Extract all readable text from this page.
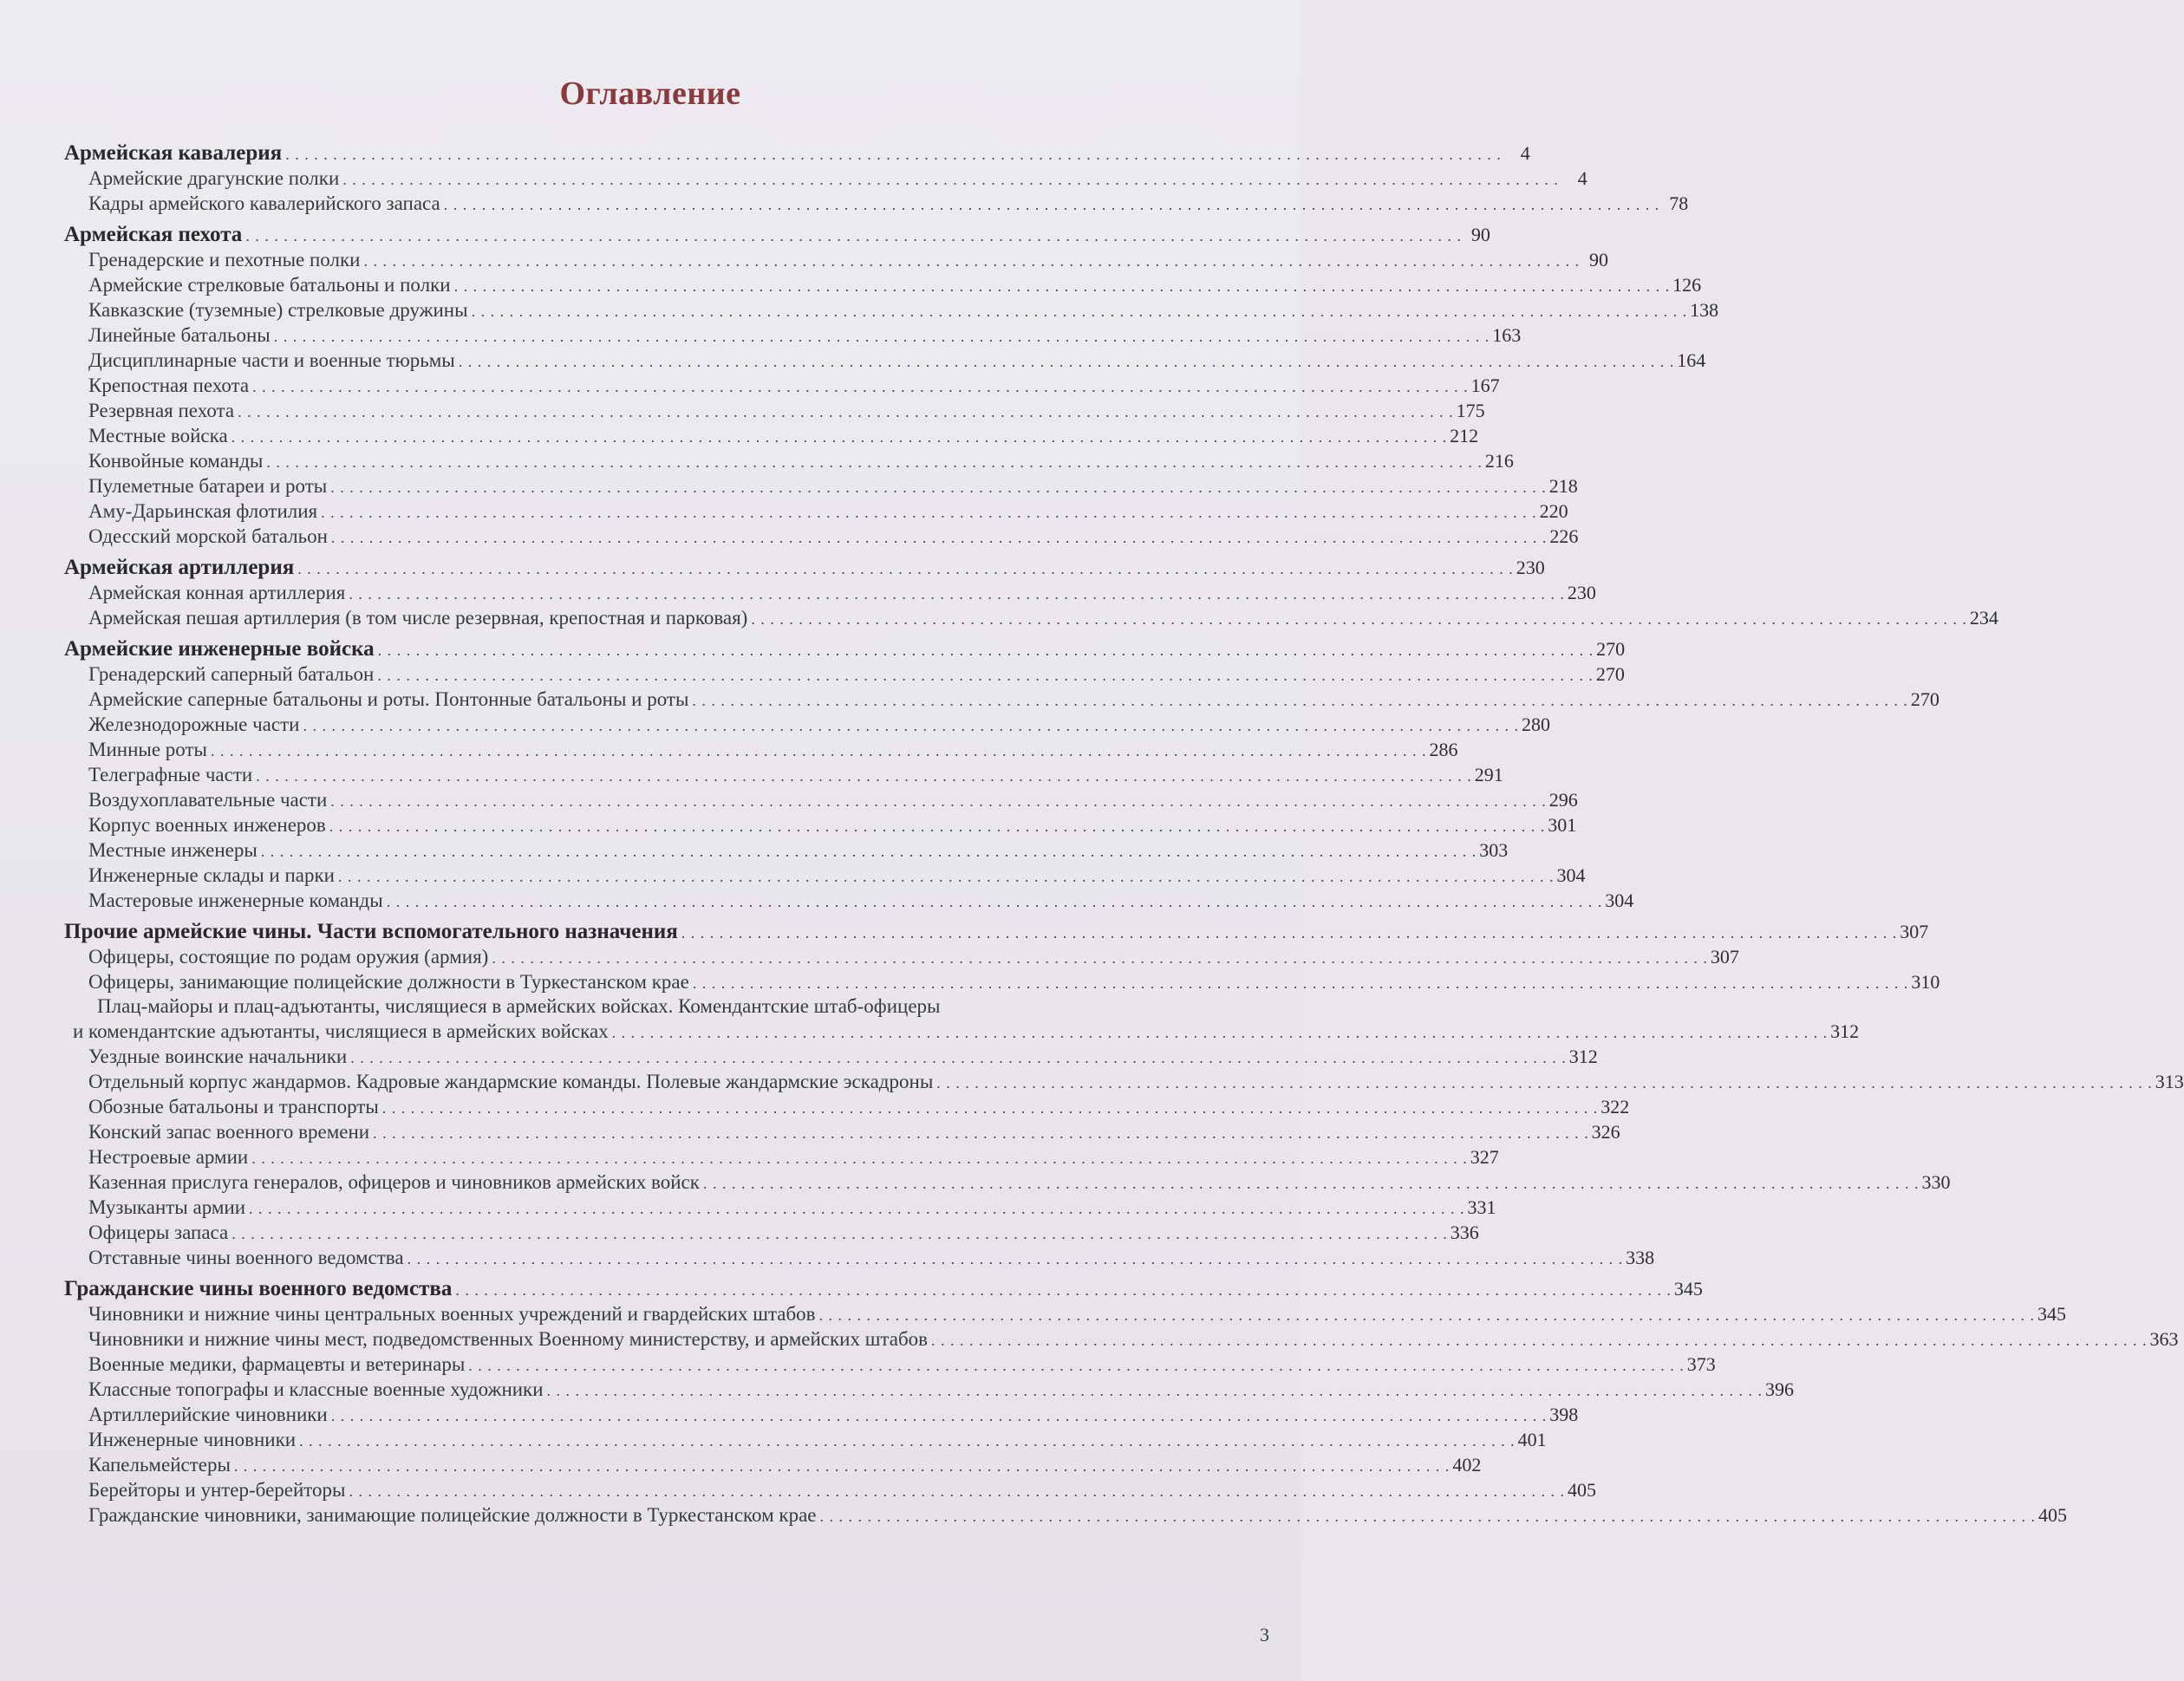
Оглавление
Армейская кавалерия . . .	4
Армейские драгунские полки . . .	4
Кадры армейского кавалерийского запаса . . .	78
Армейская пехота . . .	90
Гренадерские и пехотные полки . . .	90
Армейские стрелковые батальоны и полки . . .	126
Кавказские (туземные) стрелковые дружины . . .	138
Линейные батальоны . . .	163
Дисциплинарные части и военные тюрьмы . . .	164
Крепостная пехота . . .	167
Резервная пехота . . .	175
Местные войска . . .	212
Конвойные команды . . .	216
Пулеметные батареи и роты . . .	218
Аму-Дарьинская флотилия . . .	220
Одесский морской батальон . . .	226
Армейская артиллерия . . .	230
Армейская конная артиллерия . . .	230
Армейская пешая артиллерия (в том числе резервная, крепостная и парковая) . . .	234
Армейские инженерные войска . . .	270
Гренадерский саперный батальон . . .	270
Армейские саперные батальоны и роты. Понтонные батальоны и роты . . .	270
Железнодорожные части . . .	280
Минные роты . . .	286
Телеграфные части . . .	291
Воздухоплавательные части . . .	296
Корпус военных инженеров . . .	301
Местные инженеры . . .	303
Инженерные склады и парки . . .	304
Мастеровые инженерные команды . . .	304
Прочие армейские чины. Части вспомогательного назначения . . .	307
Офицеры, состоящие по родам оружия (армия) . . .	307
Офицеры, занимающие полицейские должности в Туркестанском крае . . .	310
Плац-майоры и плац-адъютанты, числящиеся в армейских войсках. Комендантские штаб-офицеры
и комендантские адъютанты, числящиеся в армейских войсках . . .	312
Уездные воинские начальники . . .	312
Отдельный корпус жандармов. Кадровые жандармские команды. Полевые жандармские эскадроны . . .	313
Обозные батальоны и транспорты . . .	322
Конский запас военного времени . . .	326
Нестроевые армии . . .	327
Казенная прислуга генералов, офицеров и чиновников армейских войск . . .	330
Музыканты армии . . .	331
Офицеры запаса . . .	336
Отставные чины военного ведомства . . .	338
Гражданские чины военного ведомства . . .	345
Чиновники и нижние чины центральных военных учреждений и гвардейских штабов . . .	345
Чиновники и нижние чины мест, подведомственных Военному министерству, и армейских штабов . . .	363
Военные медики, фармацевты и ветеринары . . .	373
Классные топографы и классные военные художники . . .	396
Артиллерийские чиновники . . .	398
Инженерные чиновники . . .	401
Капельмейстеры . . .	402
Берейторы и унтер-берейторы . . .	405
Гражданские чиновники, занимающие полицейские должности в Туркестанском крае . . .	405
3
